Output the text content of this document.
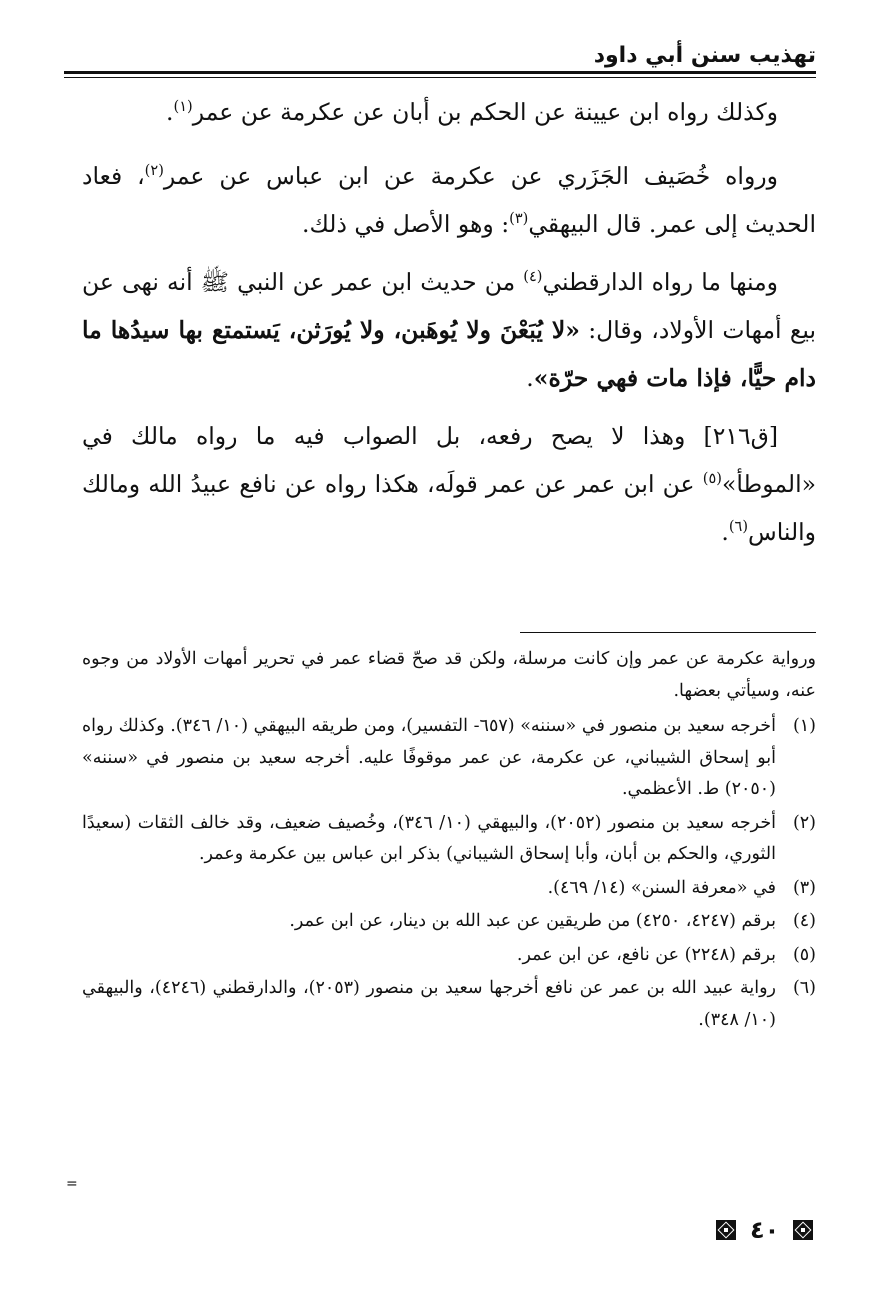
تهذيب سنن أبي داود

وكذلك رواه ابن عيينة عن الحكم بن أبان عن عكرمة عن عمر$^{(١)}$.

ورواه خُصَيف الجَزَري عن عكرمة عن ابن عباس عن عمر$^{(٢)}$، فعاد الحديث إلى عمر. قال البيهقي$^{(٣)}$: وهو الأصل في ذلك.

ومنها ما رواه الدارقطني$^{(٤)}$ من حديث ابن عمر عن النبي ﷺ أنه نهى عن بيع أمهات الأولاد، وقال: «لا يُبَعْنَ ولا يُوهَبن، ولا يُورَثن، يَستمتع بها سيدُها ما دام حيًّا، فإذا مات فهي حرّة».

[ق٢١٦] وهذا لا يصح رفعه، بل الصواب فيه ما رواه مالك في «الموطأ»$^{(٥)}$ عن ابن عمر عن عمر قولَه، هكذا رواه عن نافع عبيدُ الله ومالك والناس$^{(٦)}$.

ورواية عكرمة عن عمر وإن كانت مرسلة، ولكن قد صحّ قضاء عمر في تحرير أمهات الأولاد من وجوه عنه، وسيأتي بعضها.
(١)
أخرجه سعيد بن منصور في «سننه» (٦٥٧- التفسير)، ومن طريقه البيهقي (١٠/ ٣٤٦). وكذلك رواه أبو إسحاق الشيباني، عن عكرمة، عن عمر موقوفًا عليه. أخرجه سعيد بن منصور في «سننه» (٢٠٥٠) ط. الأعظمي.
(٢)
أخرجه سعيد بن منصور (٢٠٥٢)، والبيهقي (١٠/ ٣٤٦)، وخُصيف ضعيف، وقد خالف الثقات (سعيدًا الثوري، والحكم بن أبان، وأبا إسحاق الشيباني) بذكر ابن عباس بين عكرمة وعمر.
(٣)
في «معرفة السنن» (١٤/ ٤٦٩).
(٤)
برقم (٤٢٤٧، ٤٢٥٠) من طريقين عن عبد الله بن دينار، عن ابن عمر.
(٥)
برقم (٢٢٤٨) عن نافع، عن ابن عمر.
(٦)
رواية عبيد الله بن عمر عن نافع أخرجها سعيد بن منصور (٢٠٥٣)، والدارقطني (٤٢٤٦)، والبيهقي (١٠/ ٣٤٨).
=
٤٠
